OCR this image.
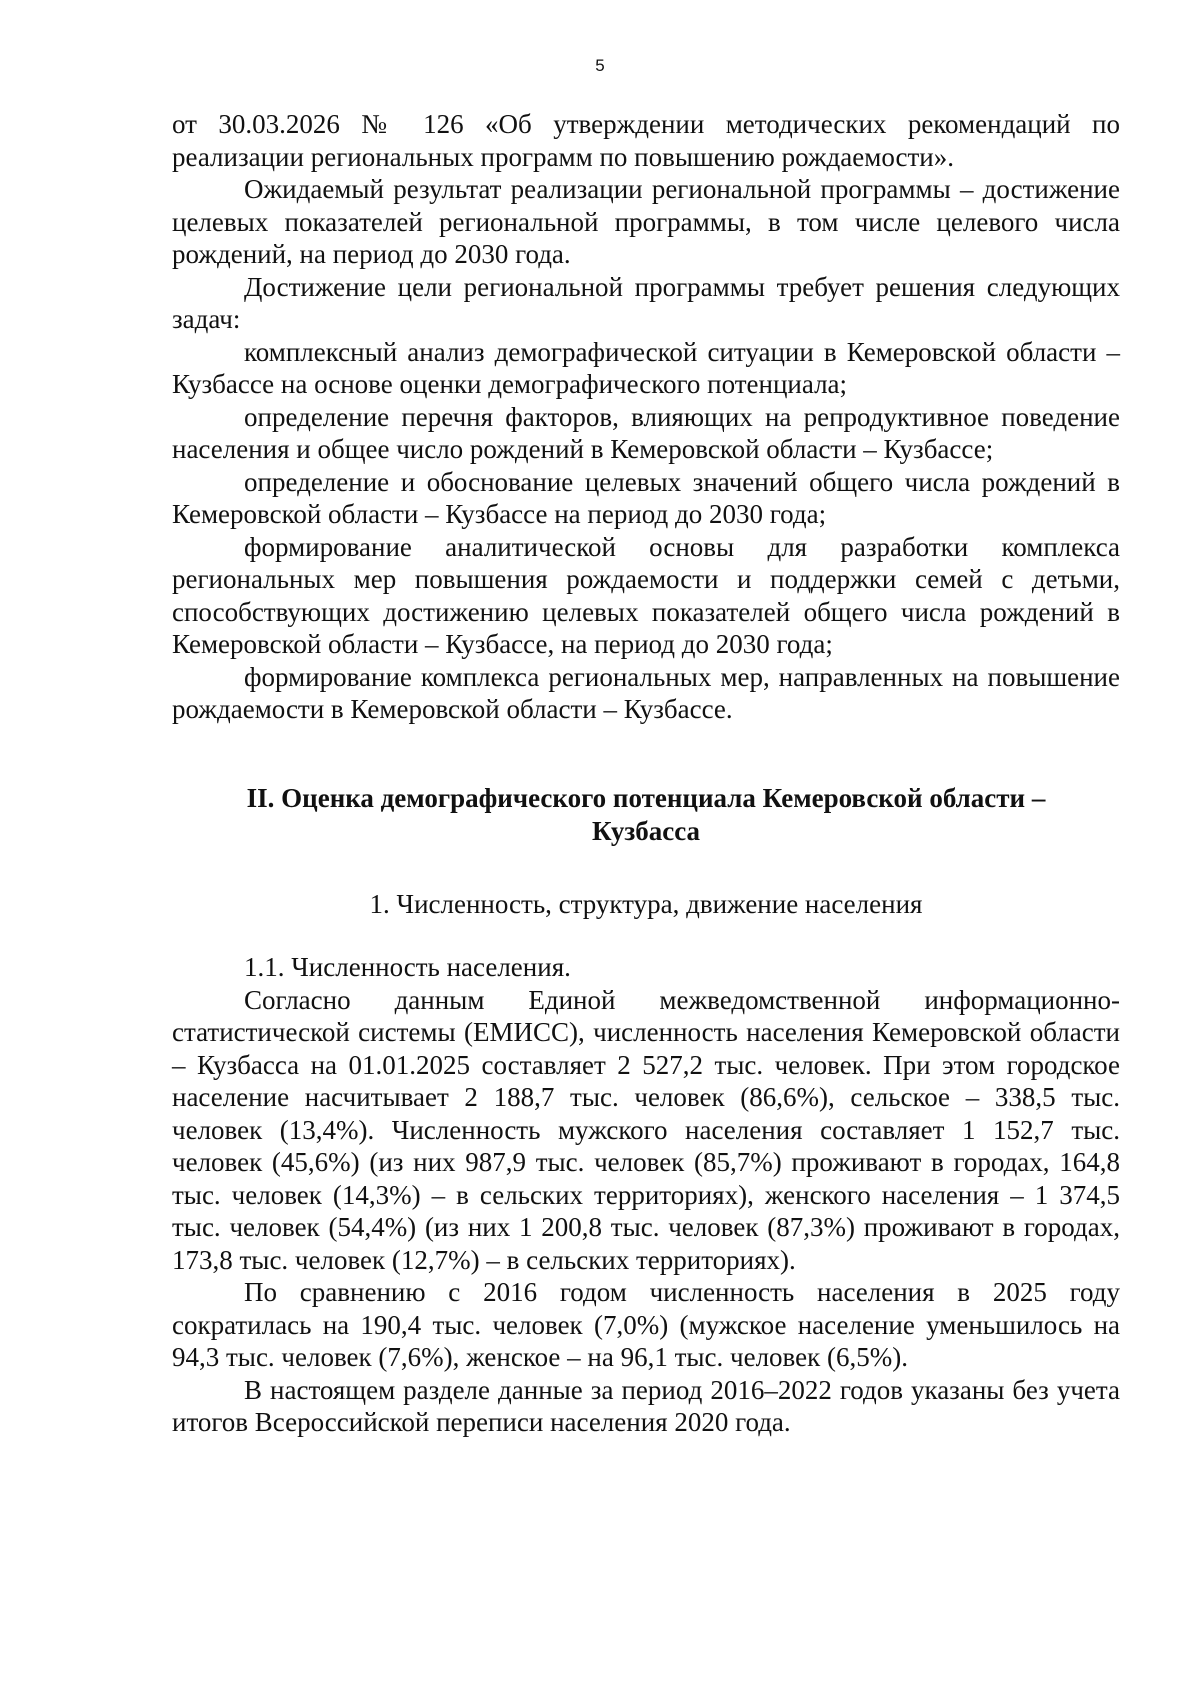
5

от 30.03.2026 № 126 «Об утверждении методических рекомендаций по реализации региональных программ по повышению рождаемости».

Ожидаемый результат реализации региональной программы – достижение целевых показателей региональной программы, в том числе целевого числа рождений, на период до 2030 года.

Достижение цели региональной программы требует решения следующих задач:

комплексный анализ демографической ситуации в Кемеровской области – Кузбассе на основе оценки демографического потенциала;

определение перечня факторов, влияющих на репродуктивное поведение населения и общее число рождений в Кемеровской области – Кузбассе;

определение и обоснование целевых значений общего числа рождений в Кемеровской области – Кузбассе на период до 2030 года;

формирование аналитической основы для разработки комплекса региональных мер повышения рождаемости и поддержки семей с детьми, способствующих достижению целевых показателей общего числа рождений в Кемеровской области – Кузбассе, на период до 2030 года;

формирование комплекса региональных мер, направленных на повышение рождаемости в Кемеровской области – Кузбассе.

II. Оценка демографического потенциала Кемеровской области –
Кузбасса

1. Численность, структура, движение населения

1.1. Численность населения.

Согласно данным Единой межведомственной информационно-статистической системы (ЕМИСС), численность населения Кемеровской области – Кузбасса на 01.01.2025 составляет 2 527,2 тыс. человек. При этом городское население насчитывает 2 188,7 тыс. человек (86,6%), сельское – 338,5 тыс. человек (13,4%). Численность мужского населения составляет 1 152,7 тыс. человек (45,6%) (из них 987,9 тыс. человек (85,7%) проживают в городах, 164,8 тыс. человек (14,3%) – в сельских территориях), женского населения – 1 374,5 тыс. человек (54,4%) (из них 1 200,8 тыс. человек (87,3%) проживают в городах, 173,8 тыс. человек (12,7%) – в сельских территориях).

По сравнению с 2016 годом численность населения в 2025 году сократилась на 190,4 тыс. человек (7,0%) (мужское население уменьшилось на 94,3 тыс. человек (7,6%), женское – на 96,1 тыс. человек (6,5%).

В настоящем разделе данные за период 2016–2022 годов указаны без учета итогов Всероссийской переписи населения 2020 года.
